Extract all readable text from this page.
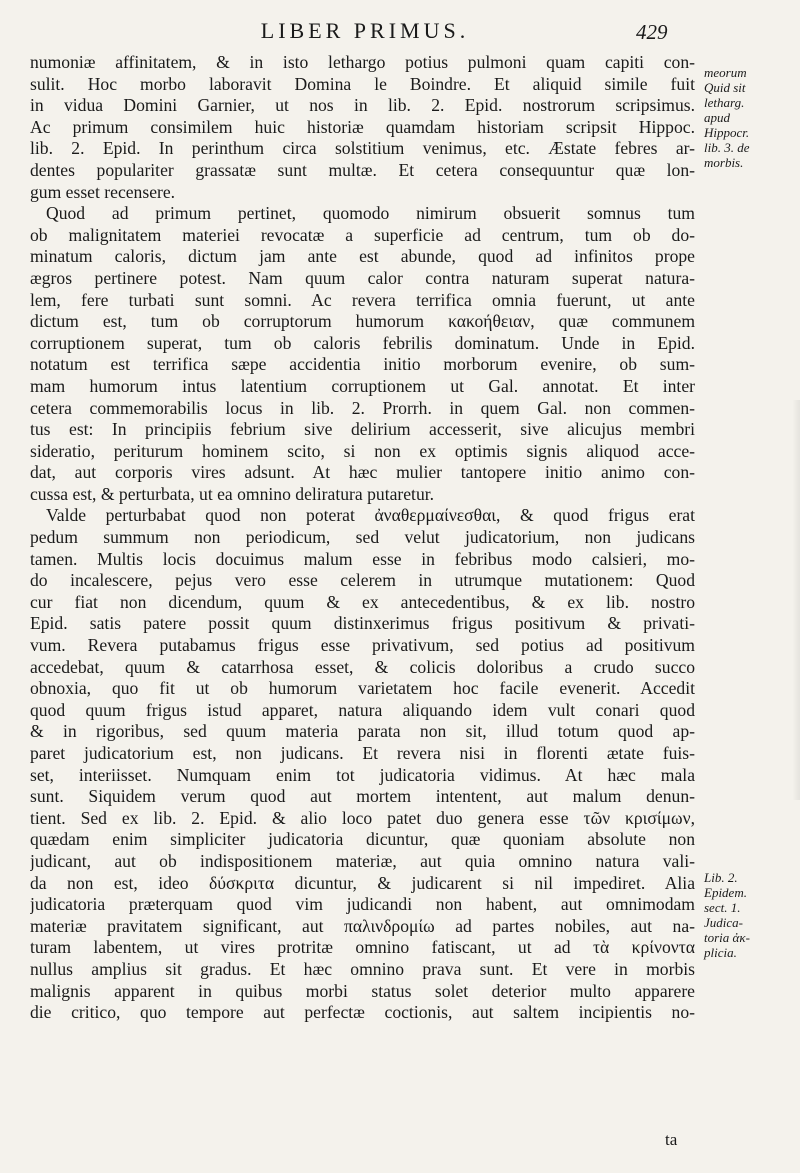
LIBER PRIMUS.	429
numoniæ affinitatem, & in isto lethargo potius pulmoni quam capiti con-
sulit. Hoc morbo laboravit Domina le Boindre. Et aliquid simile fuit
in vidua Domini Garnier, ut nos in lib. 2. Epid. nostrorum scripsimus.
Ac primum consimilem huic historiæ quamdam historiam scripsit Hippoc.
lib. 2. Epid. In perinthum circa solstitium venimus, etc. Æstate febres ar-
dentes populariter grassatæ sunt multæ. Et cetera consequuntur quæ lon-
gum esset recensere.
Quod ad primum pertinet, quomodo nimirum obsuerit somnus tum
ob malignitatem materiei revocatæ a superficie ad centrum, tum ob do-
minatum caloris, dictum jam ante est abunde, quod ad infinitos prope
ægros pertinere potest. Nam quum calor contra naturam superat natura-
lem, fere turbati sunt somni. Ac revera terrifica omnia fuerunt, ut ante
dictum est, tum ob corruptorum humorum κακοήθειαν, quæ communem
corruptionem superat, tum ob caloris febrilis dominatum. Unde in Epid.
notatum est terrifica sæpe accidentia initio morborum evenire, ob sum-
mam humorum intus latentium corruptionem ut Gal. annotat. Et inter
cetera commemorabilis locus in lib. 2. Prorrh. in quem Gal. non commen-
tus est: In principiis febrium sive delirium accesserit, sive alicujus membri
sideratio, periturum hominem scito, si non ex optimis signis aliquod acce-
dat, aut corporis vires adsunt. At hæc mulier tantopere initio animo con-
cussa est, & perturbata, ut ea omnino deliratura putaretur.
Valde perturbabat quod non poterat ἀναθερμαίνεσθαι, & quod frigus erat
pedum summum non periodicum, sed velut judicatorium, non judicans
tamen. Multis locis docuimus malum esse in febribus modo calsieri, mo-
do incalescere, pejus vero esse celerem in utrumque mutationem: Quod
cur fiat non dicendum, quum & ex antecedentibus, & ex lib. nostro
Epid. satis patere possit quum distinxerimus frigus positivum & privati-
vum. Revera putabamus frigus esse privativum, sed potius ad positivum
accedebat, quum & catarrhosa esset, & colicis doloribus a crudo succo
obnoxia, quo fit ut ob humorum varietatem hoc facile evenerit. Accedit
quod quum frigus istud apparet, natura aliquando idem vult conari quod
& in rigoribus, sed quum materia parata non sit, illud totum quod ap-
paret judicatorium est, non judicans. Et revera nisi in florenti ætate fuis-
set, interiisset. Numquam enim tot judicatoria vidimus. At hæc mala
sunt. Siquidem verum quod aut mortem intentent, aut malum denun-
tient. Sed ex lib. 2. Epid. & alio loco patet duo genera esse τῶν κρισίμων,
quædam enim simpliciter judicatoria dicuntur, quæ quoniam absolute non
judicant, aut ob indispositionem materiæ, aut quia omnino natura vali-
da non est, ideo δύσκριτα dicuntur, & judicarent si nil impediret. Alia
judicatoria præterquam quod vim judicandi non habent, aut omnimodam
materiæ pravitatem significant, aut παλινδρομίω ad partes nobiles, aut na-
turam labentem, ut vires protritæ omnino fatiscant, ut ad τὰ κρίνοντα
nullus amplius sit gradus. Et hæc omnino prava sunt. Et vere in morbis
malignis apparent in quibus morbi status solet deterior multo apparere
die critico, quo tempore aut perfectæ coctionis, aut saltem incipientis no-
meorum
Quid sit
letharg.
apud
Hippocr.
lib. 3. de
morbis.
Lib. 2.
Epidem.
sect. 1.
Judica-
toria ἀκ-
plicia.
ta
